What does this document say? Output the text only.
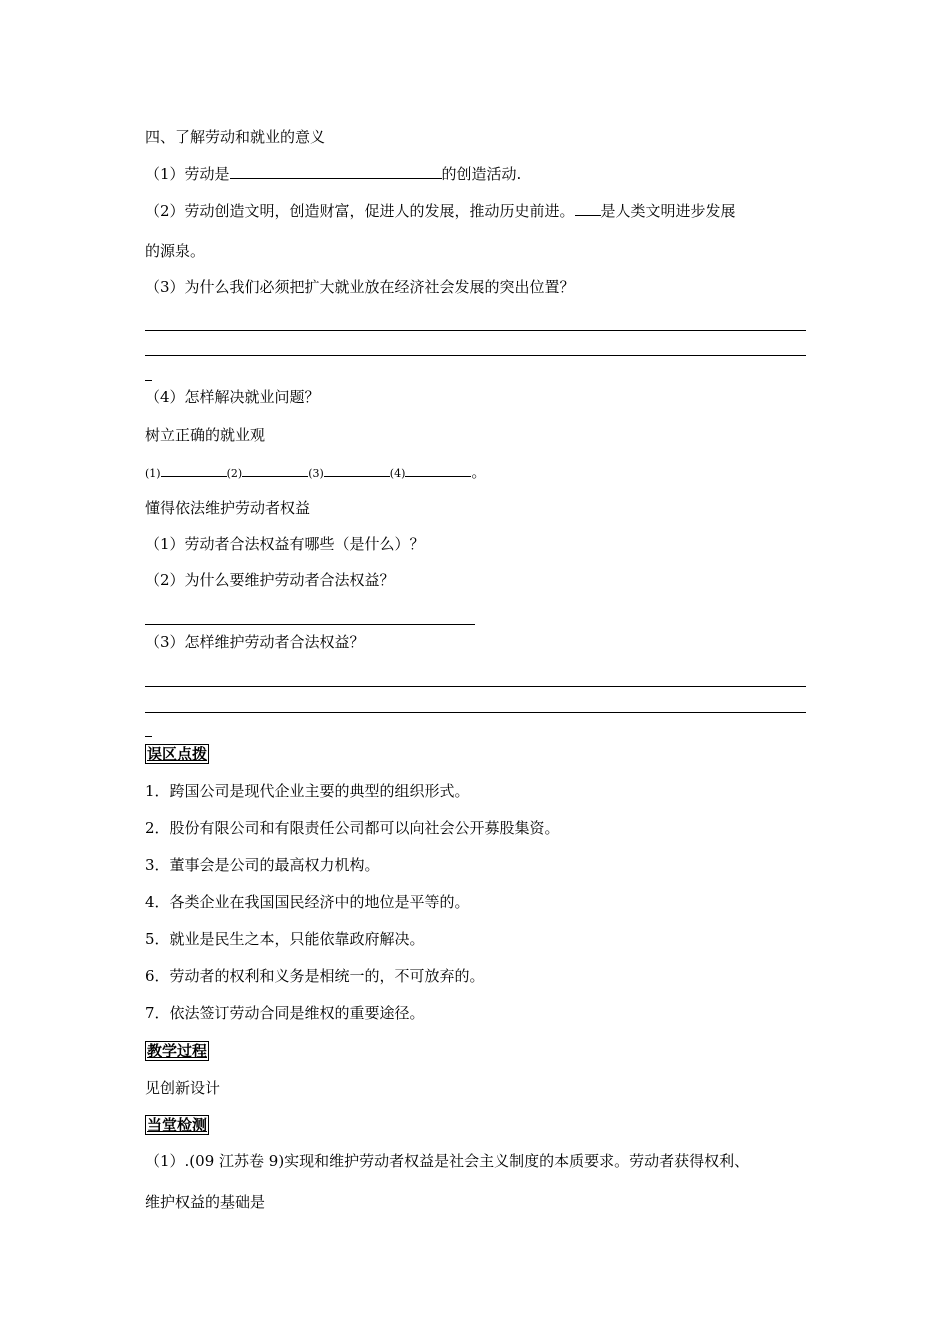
四、了解劳动和就业的意义
（1）劳动是	的创造活动.
（2）劳动创造文明，创造财富，促进人的发展，推动历史前进。 是人类文明进步发展
的源泉。
（3）为什么我们必须把扩大就业放在经济社会发展的突出位置？
（4）怎样解决就业问题？
树立正确的就业观
(1)	(2)	(3)	(4)	。
懂得依法维护劳动者权益
（1）劳动者合法权益有哪些（是什么）？
（2）为什么要维护劳动者合法权益？
（3）怎样维护劳动者合法权益？
误区点拨
1．跨国公司是现代企业主要的典型的组织形式。
2．股份有限公司和有限责任公司都可以向社会公开募股集资。
3．董事会是公司的最高权力机构。
4．各类企业在我国国民经济中的地位是平等的。
5．就业是民生之本，只能依靠政府解决。
6．劳动者的权利和义务是相统一的，不可放弃的。
7．依法签订劳动合同是维权的重要途径。
教学过程
见创新设计
当堂检测
（1）.(09 江苏卷 9)实现和维护劳动者权益是社会主义制度的本质要求。劳动者获得权利、
维护权益的基础是
